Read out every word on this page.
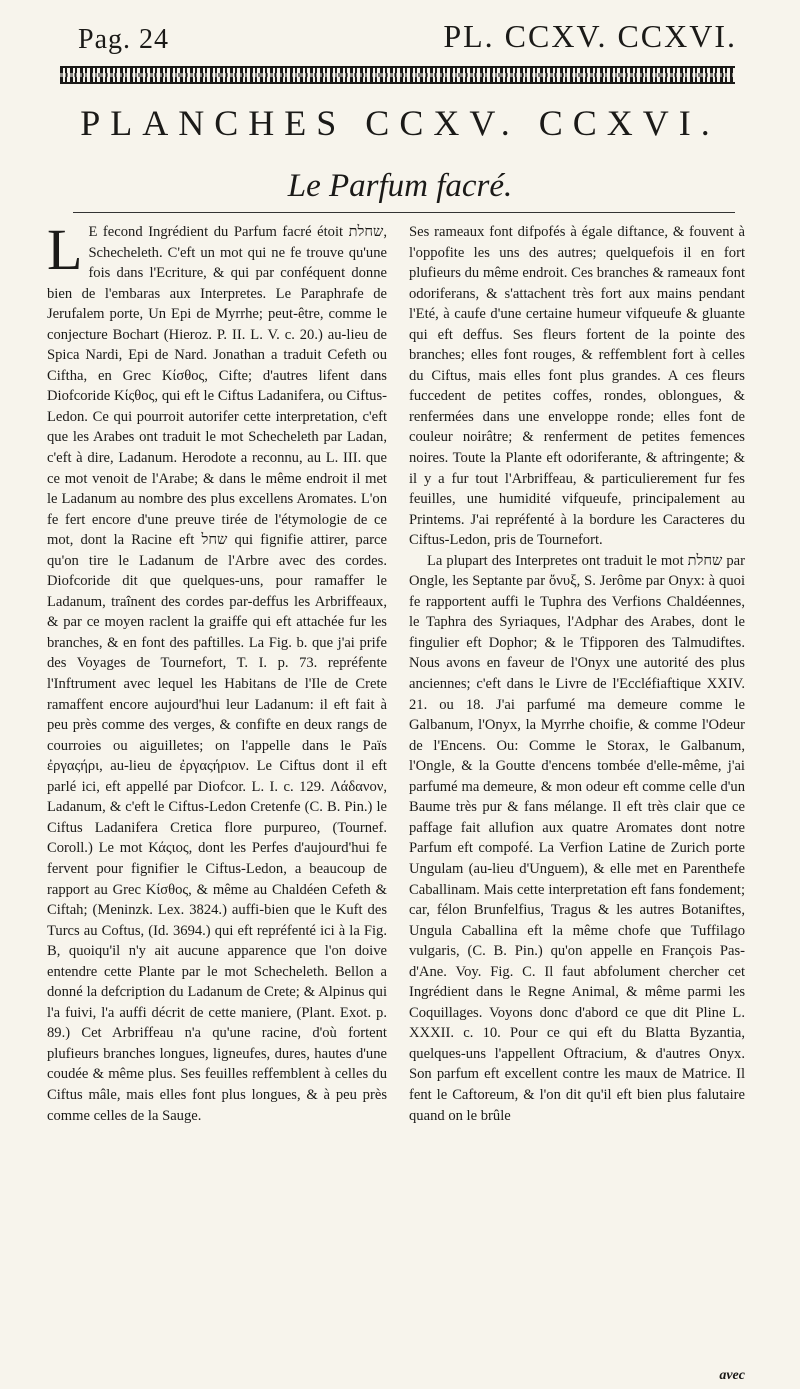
Pag. 24	PL. CCXV. CCXVI.
PLANCHES CCXV. CCXVI.
Le Parfum facré.
L E fecond Ingrédient du Parfum facré étoit שחלת, Schecheleth. C'eft un mot qui ne fe trouve qu'une fois dans l'Ecriture, & qui par conféquent donne bien de l'embaras aux Interpretes. Le Paraphrafe de Jerufalem porte, Un Epi de Myrrhe; peut-être, comme le conjecture Bochart (Hieroz. P. II. L. V. c. 20.) au-lieu de Spica Nardi, Epi de Nard. Jonathan a traduit Cefeth ou Ciftha, en Grec Κίσθος, Cifte; d'autres lifent dans Diofcoride Κίςθος, qui eft le Ciftus Ladanifera, ou Ciftus-Ledon. Ce qui pourroit autorifer cette interpretation, c'eft que les Arabes ont traduit le mot Schecheleth par Ladan, c'eft à dire, Ladanum. Herodote a reconnu, au L. III. que ce mot venoit de l'Arabe; & dans le même endroit il met le Ladanum au nombre des plus excellens Aromates. L'on fe fert encore d'une preuve tirée de l'étymologie de ce mot, dont la Racine eft שחל qui fignifie attirer, parce qu'on tire le Ladanum de l'Arbre avec des cordes. Diofcoride dit que quelques-uns, pour ramaffer le Ladanum, traînent des cordes par-deffus les Arbriffeaux, & par ce moyen raclent la graiffe qui eft attachée fur les branches, & en font des paftilles. La Fig. b. que j'ai prife des Voyages de Tournefort, T. I. p. 73. repréfente l'Inftrument avec lequel les Habitans de l'Ile de Crete ramaffent encore aujourd'hui leur Ladanum: il eft fait à peu près comme des verges, & confifte en deux rangs de courroies ou aiguilletes; on l'appelle dans le Païs ἐργαςήρι, au-lieu de ἐργαςήριον. Le Ciftus dont il eft parlé ici, eft appellé par Diofcor. L. I. c. 129. Λάδανον, Ladanum, & c'eft le Ciftus-Ledon Cretenfe (C. B. Pin.) le Ciftus Ladanifera Cretica flore purpureo, (Tournef. Coroll.) Le mot Κάςιος, dont les Perfes d'aujourd'hui fe fervent pour fignifier le Ciftus-Ledon, a beaucoup de rapport au Grec Κίσθος, & même au Chaldéen Cefeth & Ciftah; (Meninzk. Lex. 3824.) auffi-bien que le Kuft des Turcs au Coftus, (Id. 3694.) qui eft repréfenté ici à la Fig. B, quoiqu'il n'y ait aucune apparence que l'on doive entendre cette Plante par le mot Schecheleth. Bellon a donné la defcription du Ladanum de Crete; & Alpinus qui l'a fuivi, l'a auffi décrit de cette maniere, (Plant. Exot. p. 89.) Cet Arbriffeau n'a qu'une racine, d'où fortent plufieurs branches longues, ligneufes, dures, hautes d'une coudée & même plus. Ses feuilles reffemblent à celles du Ciftus mâle, mais elles font plus longues, & à peu près comme celles de la Sauge.

Ses rameaux font difpofés à égale diftance, & fouvent à l'oppofite les uns des autres; quelquefois il en fort plufieurs du même endroit. Ces branches & rameaux font odoriferans, & s'attachent très fort aux mains pendant l'Eté, à caufe d'une certaine humeur vifqueufe & gluante qui eft deffus. Ses fleurs fortent de la pointe des branches; elles font rouges, & reffemblent fort à celles du Ciftus, mais elles font plus grandes. A ces fleurs fuccedent de petites coffes, rondes, oblongues, & renfermées dans une enveloppe ronde; elles font de couleur noirâtre; & renferment de petites femences noires. Toute la Plante eft odoriferante, & aftringente; & il y a fur tout l'Arbriffeau, & particulierement fur fes feuilles, une humidité vifqueufe, principalement au Printems. J'ai repréfenté à la bordure les Caracteres du Ciftus-Ledon, pris de Tournefort.

La plupart des Interpretes ont traduit le mot שחלת par Ongle, les Septante par ὄνυξ, S. Jerôme par Onyx: à quoi fe rapportent auffi le Tuphra des Verfions Chaldéennes, le Taphra des Syriaques, l'Adphar des Arabes, dont le fingulier eft Dophor; & le Tfipporen des Talmudiftes. Nous avons en faveur de l'Onyx une autorité des plus anciennes; c'eft dans le Livre de l'Eccléfiaftique XXIV. 21. ou 18. J'ai parfumé ma demeure comme le Galbanum, l'Onyx, la Myrrhe choifie, & comme l'Odeur de l'Encens. Ou: Comme le Storax, le Galbanum, l'Ongle, & la Goutte d'encens tombée d'elle-même, j'ai parfumé ma demeure, & mon odeur eft comme celle d'un Baume très pur & fans mélange. Il eft très clair que ce paffage fait allufion aux quatre Aromates dont notre Parfum eft compofé. La Verfion Latine de Zurich porte Ungulam (au-lieu d'Unguem), & elle met en Parenthefe Caballinam. Mais cette interpretation eft fans fondement; car, félon Brunfelfius, Tragus & les autres Botaniftes, Ungula Caballina eft la même chofe que Tuffilago vulgaris, (C. B. Pin.) qu'on appelle en François Pas-d'Ane. Voy. Fig. C. Il faut abfolument chercher cet Ingrédient dans le Regne Animal, & même parmi les Coquillages. Voyons donc d'abord ce que dit Pline L. XXXII. c. 10. Pour ce qui eft du Blatta Byzantia, quelques-uns l'appellent Oftracium, & d'autres Onyx. Son parfum eft excellent contre les maux de Matrice. Il fent le Caftoreum, & l'on dit qu'il eft bien plus falutaire quand on le brûle

avec
